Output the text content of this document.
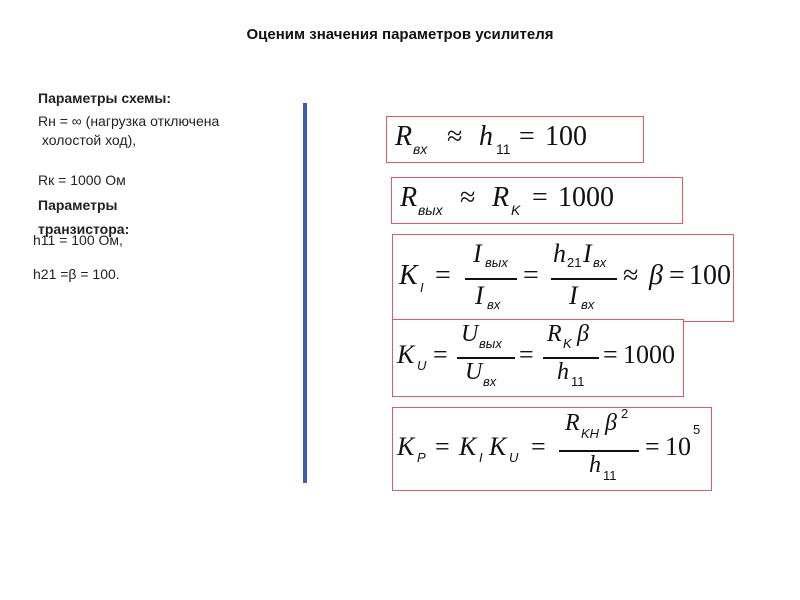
Оценим значения параметров усилителя
Параметры схемы:
Rн = ∞ (нагрузка отключена
холостой ход),
Rк = 1000 Ом
Параметры
h11 = 100 Ом,
транзистора:
h21 =β = 100.
R вх ≈ h 11 = 100
R вых ≈ R K = 1000
K I =
I вых
I вх
=
h 21 I вх
I вх
≈ β = 100
K U =
U вых
U вх
=
R K β
h 11
= 1000
K P = K I K U =
R KH β 2
h 11
= 10
5
